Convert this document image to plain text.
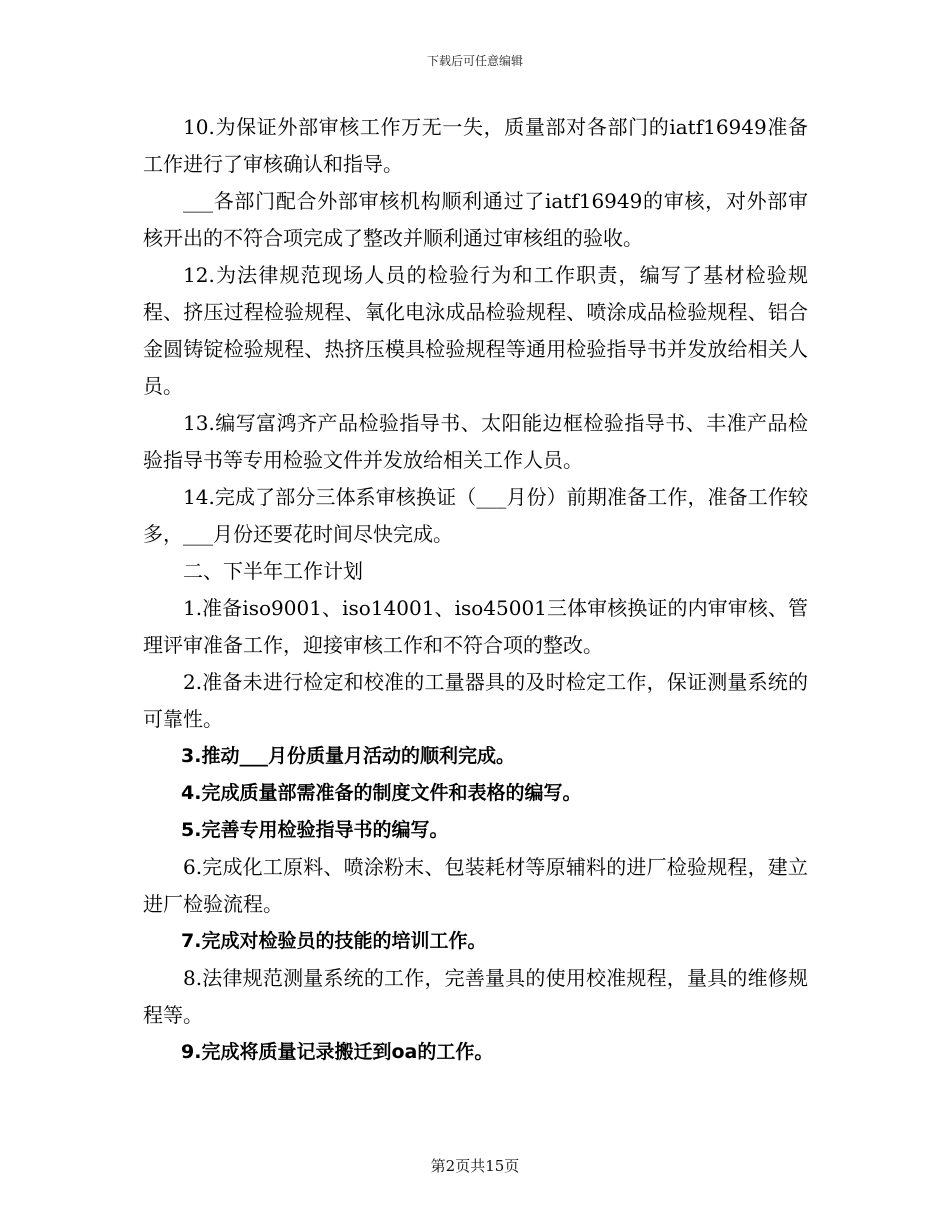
下载后可任意编辑

10.为保证外部审核工作万无一失，质量部对各部门的iatf16949准备工作进行了审核确认和指导。

___各部门配合外部审核机构顺利通过了iatf16949的审核，对外部审核开出的不符合项完成了整改并顺利通过审核组的验收。

12.为法律规范现场人员的检验行为和工作职责，编写了基材检验规程、挤压过程检验规程、氧化电泳成品检验规程、喷涂成品检验规程、铝合金圆铸锭检验规程、热挤压模具检验规程等通用检验指导书并发放给相关人员。

13.编写富鸿齐产品检验指导书、太阳能边框检验指导书、丰准产品检验指导书等专用检验文件并发放给相关工作人员。

14.完成了部分三体系审核换证（___月份）前期准备工作，准备工作较多，___月份还要花时间尽快完成。

二、下半年工作计划

1.准备iso9001、iso14001、iso45001三体审核换证的内审审核、管理评审准备工作，迎接审核工作和不符合项的整改。

2.准备未进行检定和校准的工量器具的及时检定工作，保证测量系统的可靠性。

3.推动___月份质量月活动的顺利完成。

4.完成质量部需准备的制度文件和表格的编写。

5.完善专用检验指导书的编写。

6.完成化工原料、喷涂粉末、包装耗材等原辅料的进厂检验规程，建立进厂检验流程。

7.完成对检验员的技能的培训工作。

8.法律规范测量系统的工作，完善量具的使用校准规程，量具的维修规程等。

9.完成将质量记录搬迁到oa的工作。

第2页共15页
